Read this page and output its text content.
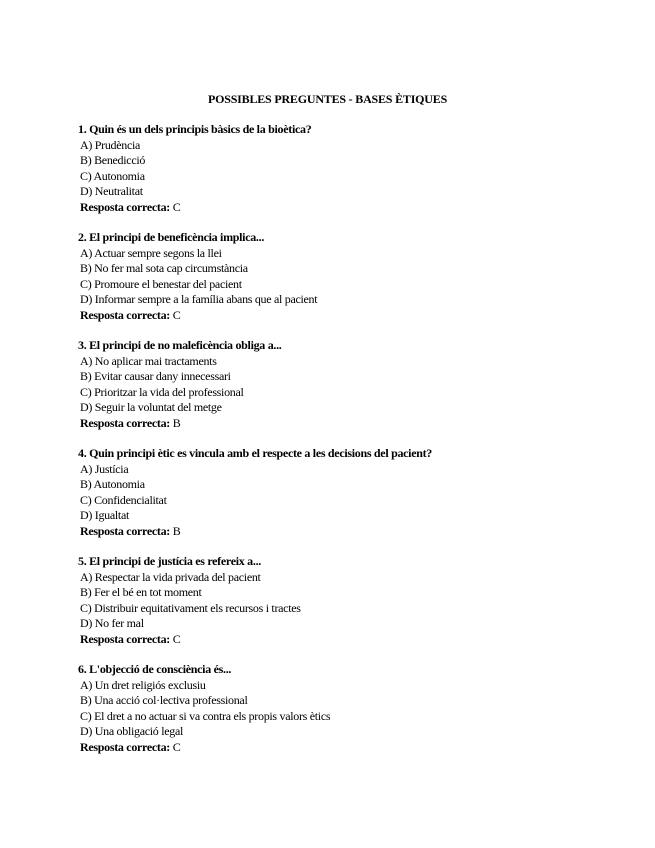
POSSIBLES PREGUNTES - BASES ÈTIQUES

1. Quin és un dels principis bàsics de la bioètica?

A) Prudència
B) Benedicció
C) Autonomia
D) Neutralitat
Resposta correcta: C

2. El principi de beneficència implica...

A) Actuar sempre segons la llei
B) No fer mal sota cap circumstància
C) Promoure el benestar del pacient
D) Informar sempre a la família abans que al pacient
Resposta correcta: C

3. El principi de no maleficència obliga a...

A) No aplicar mai tractaments
B) Evitar causar dany innecessari
C) Prioritzar la vida del professional
D) Seguir la voluntat del metge
Resposta correcta: B

4. Quin principi ètic es vincula amb el respecte a les decisions del pacient?

A) Justícia
B) Autonomia
C) Confidencialitat
D) Igualtat
Resposta correcta: B

5. El principi de justícia es refereix a...

A) Respectar la vida privada del pacient
B) Fer el bé en tot moment
C) Distribuir equitativament els recursos i tractes
D) No fer mal
Resposta correcta: C

6. L'objecció de consciència és...

A) Un dret religiós exclusiu
B) Una acció col·lectiva professional
C) El dret a no actuar si va contra els propis valors ètics
D) Una obligació legal
Resposta correcta: C
